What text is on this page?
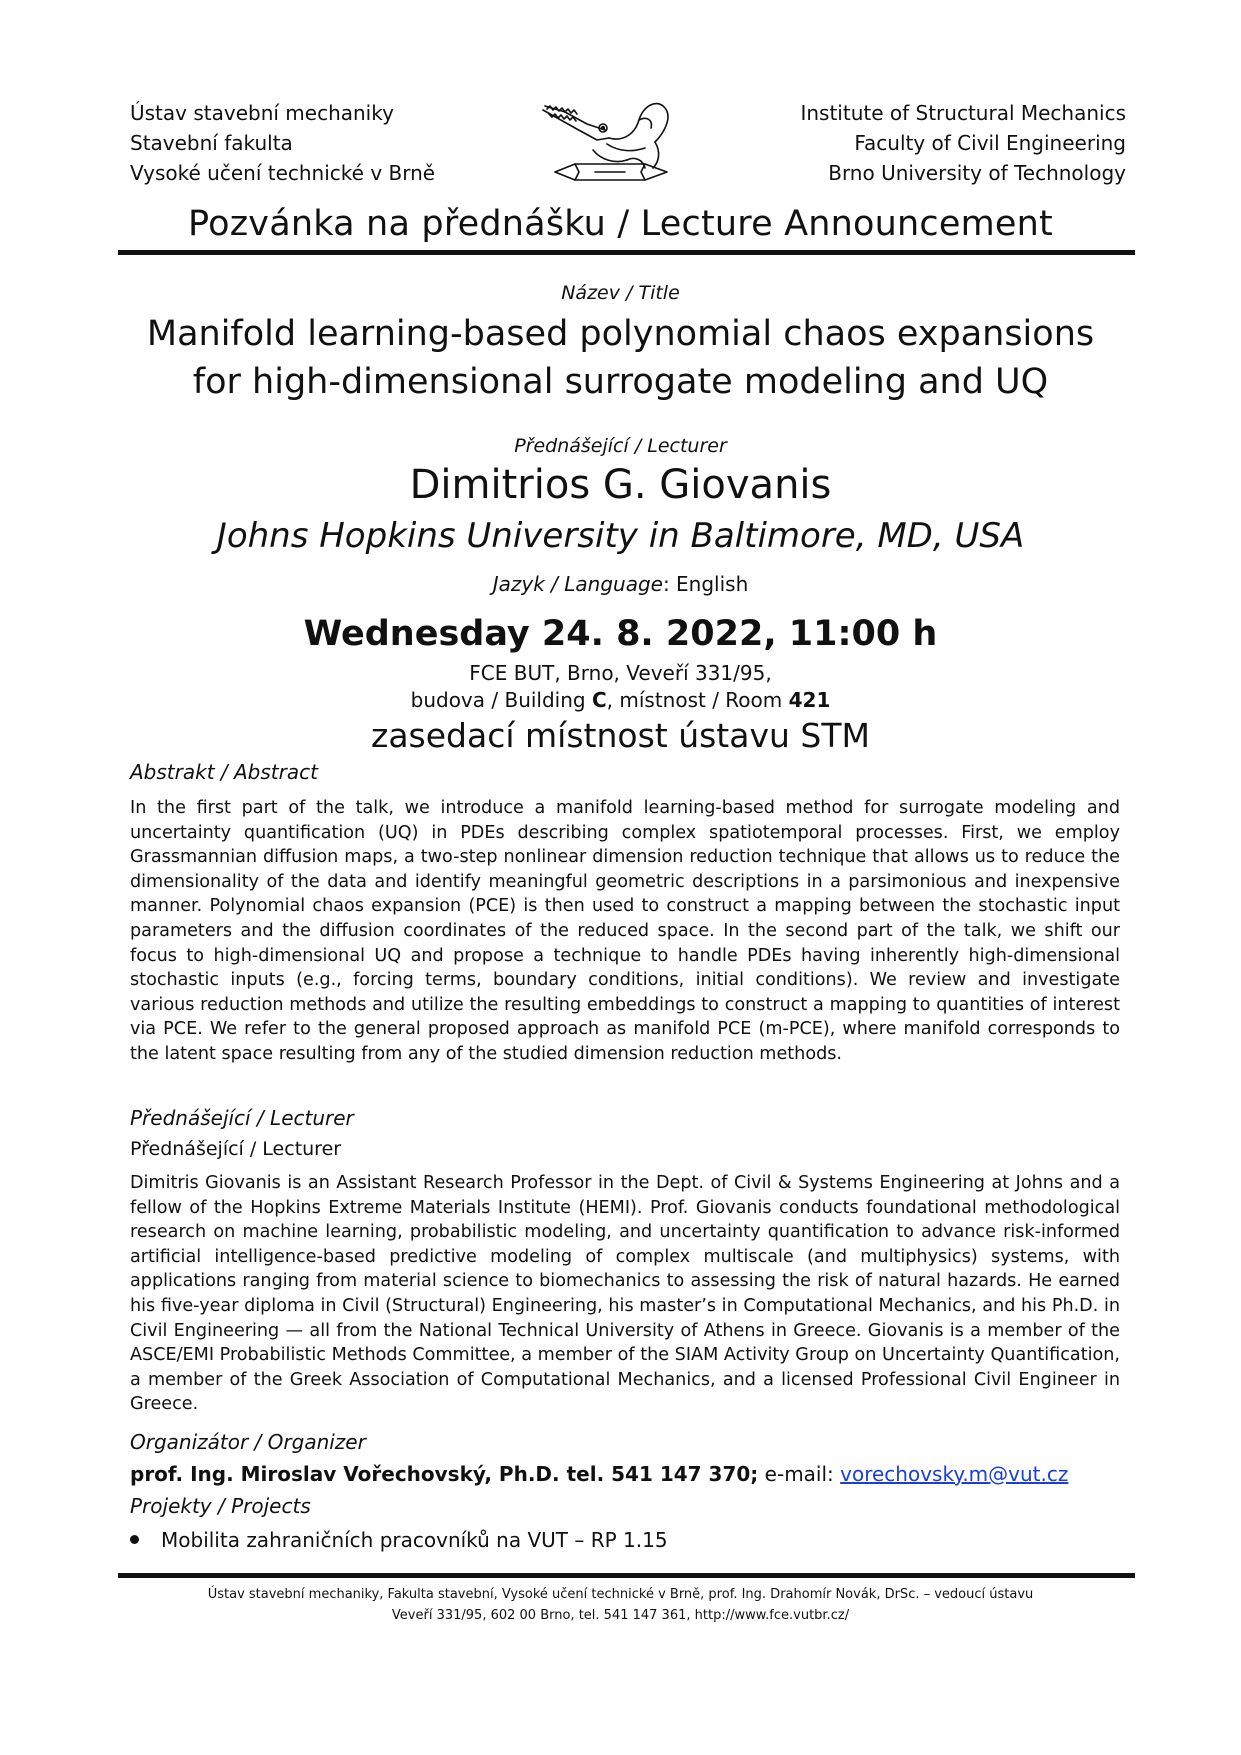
Ústav stavební mechaniky
Stavební fakulta
Vysoké učení technické v Brně
Institute of Structural Mechanics
Faculty of Civil Engineering
Brno University of Technology
Pozvánka na přednášku / Lecture Announcement
Název / Title
Manifold learning-based polynomial chaos expansions
for high-dimensional surrogate modeling and UQ
Přednášející / Lecturer
Dimitrios G. Giovanis
Johns Hopkins University in Baltimore, MD, USA
Jazyk / Language: English
Wednesday 24. 8. 2022, 11:00 h
FCE BUT, Brno, Veveří 331/95,
budova / Building C, místnost / Room 421
zasedací místnost ústavu STM
Abstrakt / Abstract
In the first part of the talk, we introduce a manifold learning-based method for surrogate modeling and uncertainty quantification (UQ) in PDEs describing complex spatiotemporal processes. First, we employ Grassmannian diffusion maps, a two-step nonlinear dimension reduction technique that allows us to reduce the dimensionality of the data and identify meaningful geometric descriptions in a parsimonious and inexpensive manner. Polynomial chaos expansion (PCE) is then used to construct a mapping between the stochastic input parameters and the diffusion coordinates of the reduced space. In the second part of the talk, we shift our focus to high-dimensional UQ and propose a technique to handle PDEs having inherently high-dimensional stochastic inputs (e.g., forcing terms, boundary conditions, initial conditions). We review and investigate various reduction methods and utilize the resulting embeddings to construct a mapping to quantities of interest via PCE. We refer to the general proposed approach as manifold PCE (m-PCE), where manifold corresponds to the latent space resulting from any of the studied dimension reduction methods.
Přednášející / Lecturer
Přednášející / Lecturer
Dimitris Giovanis is an Assistant Research Professor in the Dept. of Civil & Systems Engineering at Johns and a fellow of the Hopkins Extreme Materials Institute (HEMI). Prof. Giovanis conducts foundational methodological research on machine learning, probabilistic modeling, and uncertainty quantification to advance risk-informed artificial intelligence-based predictive modeling of complex multiscale (and multiphysics) systems, with applications ranging from material science to biomechanics to assessing the risk of natural hazards. He earned his five-year diploma in Civil (Structural) Engineering, his master’s in Computational Mechanics, and his Ph.D. in Civil Engineering — all from the National Technical University of Athens in Greece. Giovanis is a member of the ASCE/EMI Probabilistic Methods Committee, a member of the SIAM Activity Group on Uncertainty Quantification, a member of the Greek Association of Computational Mechanics, and a licensed Professional Civil Engineer in Greece.
Organizátor / Organizer
prof. Ing. Miroslav Vořechovský, Ph.D. tel. 541 147 370; e-mail: vorechovsky.m@vut.cz
Projekty / Projects
Mobilita zahraničních pracovníků na VUT – RP 1.15
Ústav stavební mechaniky, Fakulta stavební, Vysoké učení technické v Brně, prof. Ing. Drahomír Novák, DrSc. – vedoucí ústavu
Veveří 331/95, 602 00 Brno, tel. 541 147 361, http://www.fce.vutbr.cz/
